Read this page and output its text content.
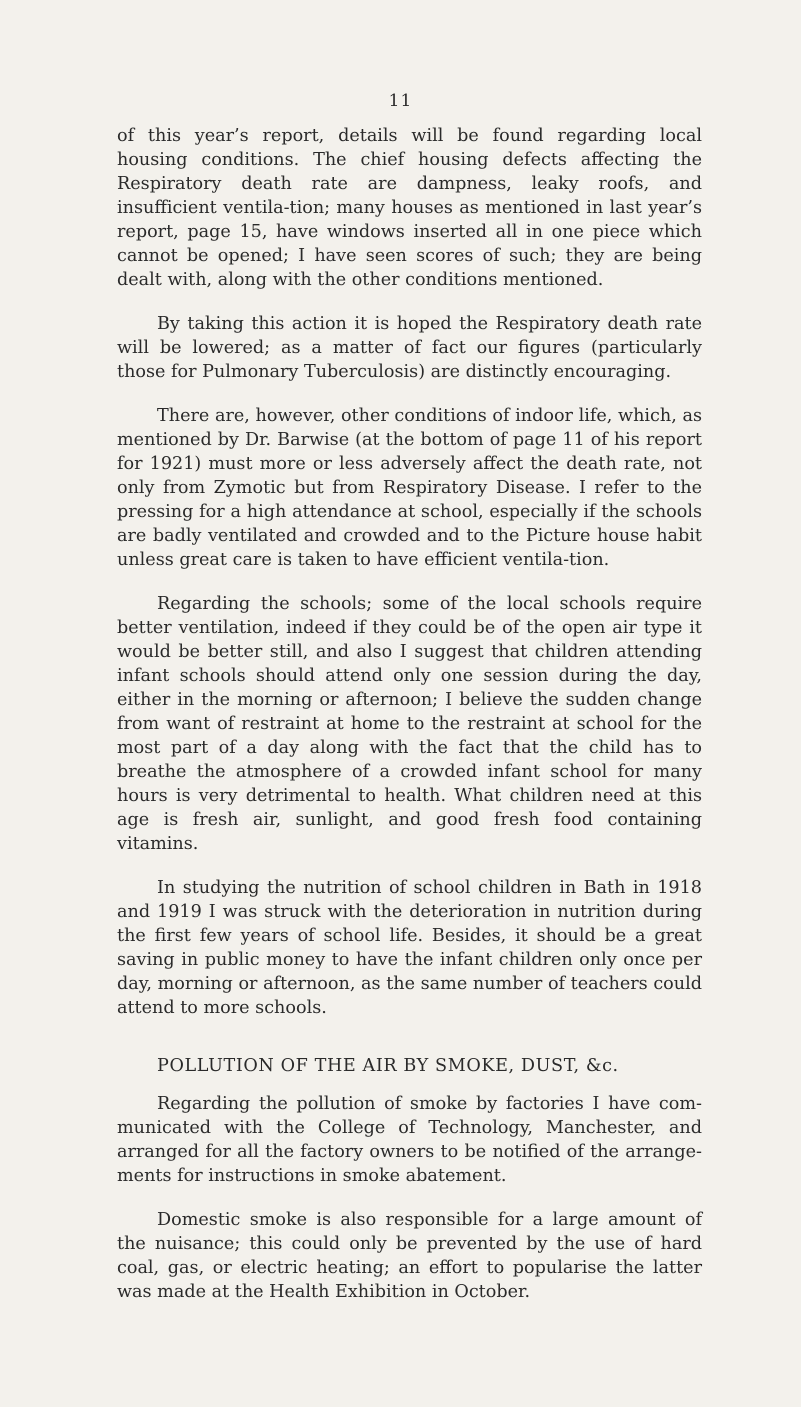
11

of this year’s report, details will be found regarding local housing conditions. The chief housing defects affecting the Respiratory death rate are dampness, leaky roofs, and insufficient ventila-tion; many houses as mentioned in last year’s report, page 15, have windows inserted all in one piece which cannot be opened; I have seen scores of such; they are being dealt with, along with the other conditions mentioned.

By taking this action it is hoped the Respiratory death rate will be lowered; as a matter of fact our figures (particularly those for Pulmonary Tuberculosis) are distinctly encouraging.

There are, however, other conditions of indoor life, which, as mentioned by Dr. Barwise (at the bottom of page 11 of his report for 1921) must more or less adversely affect the death rate, not only from Zymotic but from Respiratory Disease. I refer to the pressing for a high attendance at school, especially if the schools are badly ventilated and crowded and to the Picture house habit unless great care is taken to have efficient ventila-tion.

Regarding the schools; some of the local schools require better ventilation, indeed if they could be of the open air type it would be better still, and also I suggest that children attending infant schools should attend only one session during the day, either in the morning or afternoon; I believe the sudden change from want of restraint at home to the restraint at school for the most part of a day along with the fact that the child has to breathe the atmosphere of a crowded infant school for many hours is very detrimental to health. What children need at this age is fresh air, sunlight, and good fresh food containing vitamins.

In studying the nutrition of school children in Bath in 1918 and 1919 I was struck with the deterioration in nutrition during the first few years of school life. Besides, it should be a great saving in public money to have the infant children only once per day, morning or afternoon, as the same number of teachers could attend to more schools.

POLLUTION OF THE AIR BY SMOKE, DUST, &c.

Regarding the pollution of smoke by factories I have com-municated with the College of Technology, Manchester, and arranged for all the factory owners to be notified of the arrange-ments for instructions in smoke abatement.

Domestic smoke is also responsible for a large amount of the nuisance; this could only be prevented by the use of hard coal, gas, or electric heating; an effort to popularise the latter was made at the Health Exhibition in October.
